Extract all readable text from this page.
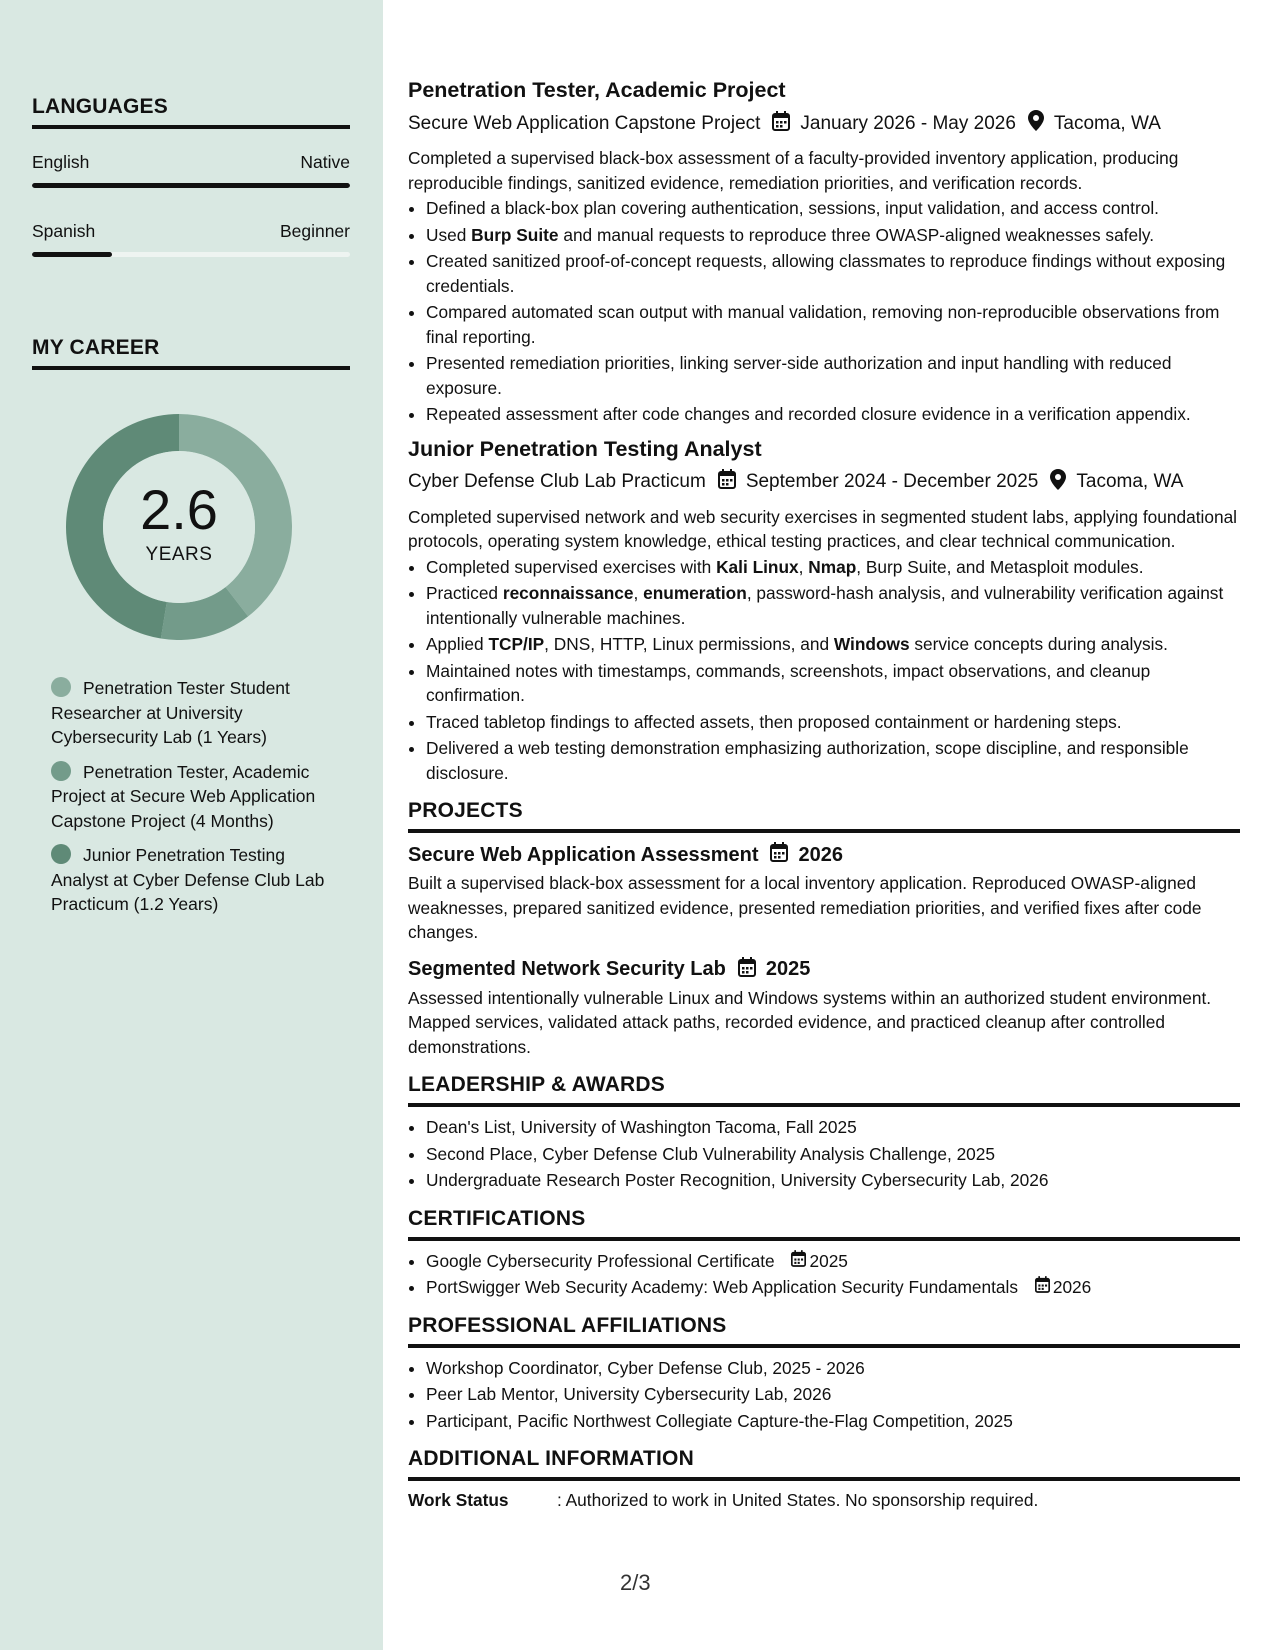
LANGUAGES
English	Native
Spanish	Beginner
MY CAREER
2.6
YEARS
Penetration Tester Student Researcher at University Cybersecurity Lab (1 Years)
Penetration Tester, Academic Project at Secure Web Application Capstone Project (4 Months)
Junior Penetration Testing Analyst at Cyber Defense Club Lab Practicum (1.2 Years)
Penetration Tester, Academic Project
Secure Web Application Capstone Project January 2026 - May 2026 Tacoma, WA
Completed a supervised black-box assessment of a faculty-provided inventory application, producing reproducible findings, sanitized evidence, remediation priorities, and verification records.
• Defined a black-box plan covering authentication, sessions, input validation, and access control.
• Used Burp Suite and manual requests to reproduce three OWASP-aligned weaknesses safely.
• Created sanitized proof-of-concept requests, allowing classmates to reproduce findings without exposing credentials.
• Compared automated scan output with manual validation, removing non-reproducible observations from final reporting.
• Presented remediation priorities, linking server-side authorization and input handling with reduced exposure.
• Repeated assessment after code changes and recorded closure evidence in a verification appendix.
Junior Penetration Testing Analyst
Cyber Defense Club Lab Practicum September 2024 - December 2025 Tacoma, WA
Completed supervised network and web security exercises in segmented student labs, applying foundational protocols, operating system knowledge, ethical testing practices, and clear technical communication.
• Completed supervised exercises with Kali Linux, Nmap, Burp Suite, and Metasploit modules.
• Practiced reconnaissance, enumeration, password-hash analysis, and vulnerability verification against intentionally vulnerable machines.
• Applied TCP/IP, DNS, HTTP, Linux permissions, and Windows service concepts during analysis.
• Maintained notes with timestamps, commands, screenshots, impact observations, and cleanup confirmation.
• Traced tabletop findings to affected assets, then proposed containment or hardening steps.
• Delivered a web testing demonstration emphasizing authorization, scope discipline, and responsible disclosure.
PROJECTS
Secure Web Application Assessment 2026
Built a supervised black-box assessment for a local inventory application. Reproduced OWASP-aligned weaknesses, prepared sanitized evidence, presented remediation priorities, and verified fixes after code changes.
Segmented Network Security Lab 2025
Assessed intentionally vulnerable Linux and Windows systems within an authorized student environment. Mapped services, validated attack paths, recorded evidence, and practiced cleanup after controlled demonstrations.
LEADERSHIP & AWARDS
• Dean's List, University of Washington Tacoma, Fall 2025
• Second Place, Cyber Defense Club Vulnerability Analysis Challenge, 2025
• Undergraduate Research Poster Recognition, University Cybersecurity Lab, 2026
CERTIFICATIONS
• Google Cybersecurity Professional Certificate 2025
• PortSwigger Web Security Academy: Web Application Security Fundamentals 2026
PROFESSIONAL AFFILIATIONS
• Workshop Coordinator, Cyber Defense Club, 2025 - 2026
• Peer Lab Mentor, University Cybersecurity Lab, 2026
• Participant, Pacific Northwest Collegiate Capture-the-Flag Competition, 2025
ADDITIONAL INFORMATION
Work Status	: Authorized to work in United States. No sponsorship required.
2/3
